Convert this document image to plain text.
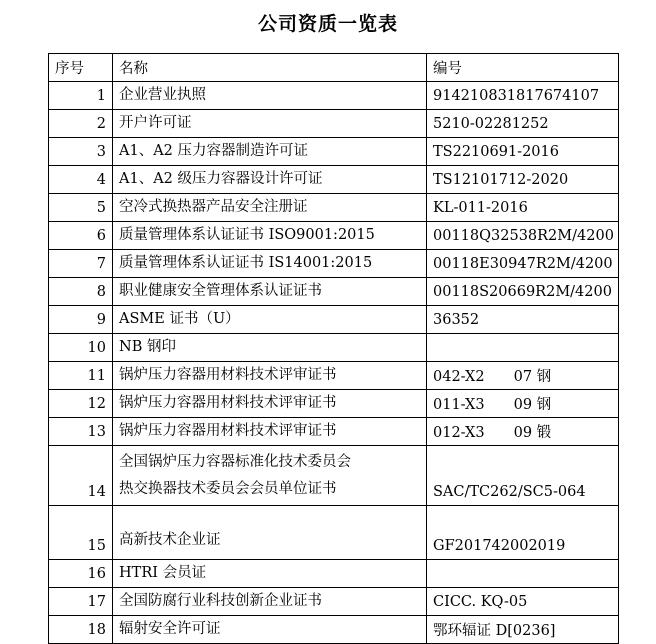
公司资质一览表
序号	名称	编号
1	企业营业执照	914210831817674107
2	开户许可证	5210-02281252
3	A1、A2 压力容器制造许可证	TS2210691-2016
4	A1、A2 级压力容器设计许可证	TS12101712-2020
5	空冷式换热器产品安全注册证	KL-011-2016
6	质量管理体系认证证书 ISO9001:2015	00118Q32538R2M/4200
7	质量管理体系认证证书 IS14001:2015	00118E30947R2M/4200
8	职业健康安全管理体系认证证书	00118S20669R2M/4200
9	ASME 证书（U）	36352
10	NB 钢印	
11	锅炉压力容器用材料技术评审证书	042-X2　　07 钢
12	锅炉压力容器用材料技术评审证书	011-X3　　09 钢
13	锅炉压力容器用材料技术评审证书	012-X3　　09 锻
14	全国锅炉压力容器标准化技术委员会
热交换器技术委员会会员单位证书	SAC/TC262/SC5-064
15	高新技术企业证	GF201742002019
16	HTRI 会员证	
17	全国防腐行业科技创新企业证书	CICC. KQ-05
18	辐射安全许可证	鄂环辐证 D[0236]
